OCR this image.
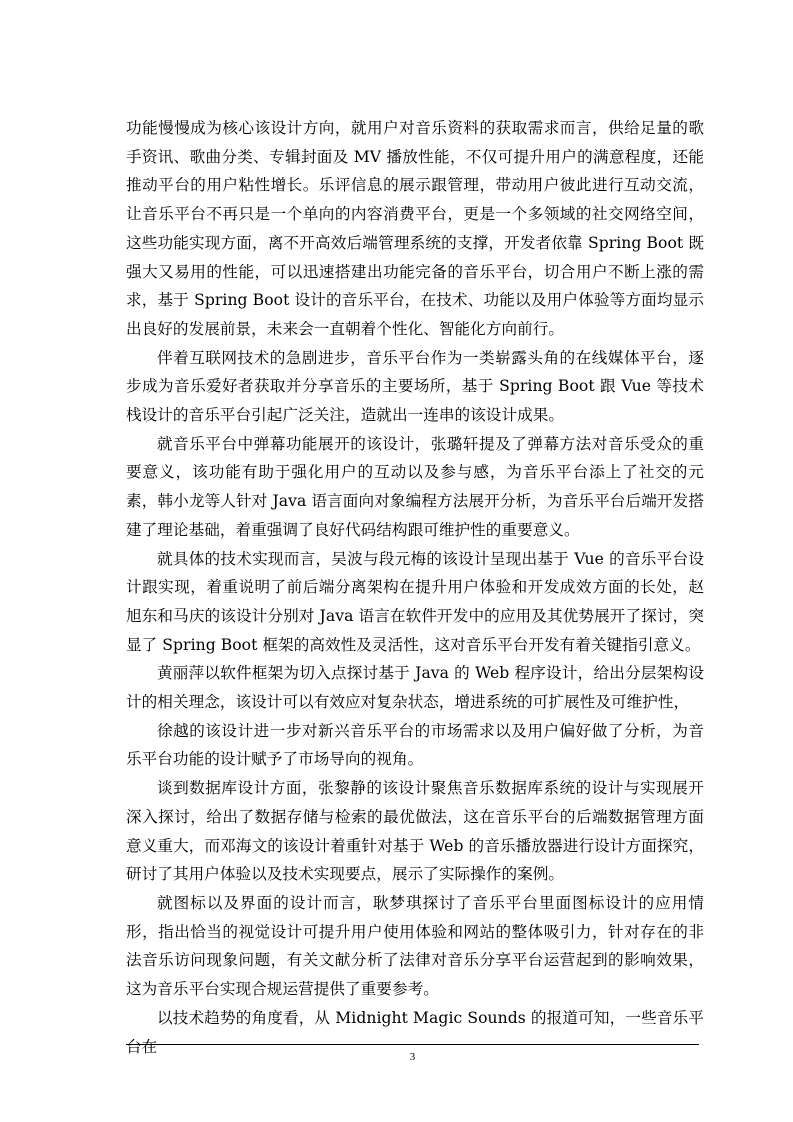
功能慢慢成为核心该设计方向，就用户对音乐资料的获取需求而言，供给足量的歌手资讯、歌曲分类、专辑封面及 MV 播放性能，不仅可提升用户的满意程度，还能推动平台的用户粘性增长。乐评信息的展示跟管理，带动用户彼此进行互动交流，让音乐平台不再只是一个单向的内容消费平台，更是一个多领域的社交网络空间，这些功能实现方面，离不开高效后端管理系统的支撑，开发者依靠 Spring Boot 既强大又易用的性能，可以迅速搭建出功能完备的音乐平台，切合用户不断上涨的需求，基于 Spring Boot 设计的音乐平台，在技术、功能以及用户体验等方面均显示出良好的发展前景，未来会一直朝着个性化、智能化方向前行。

伴着互联网技术的急剧进步，音乐平台作为一类崭露头角的在线媒体平台，逐步成为音乐爱好者获取并分享音乐的主要场所，基于 Spring Boot 跟 Vue 等技术栈设计的音乐平台引起广泛关注，造就出一连串的该设计成果。

就音乐平台中弹幕功能展开的该设计，张璐轩提及了弹幕方法对音乐受众的重要意义，该功能有助于强化用户的互动以及参与感，为音乐平台添上了社交的元素，韩小龙等人针对 Java 语言面向对象编程方法展开分析，为音乐平台后端开发搭建了理论基础，着重强调了良好代码结构跟可维护性的重要意义。

就具体的技术实现而言，吴波与段元梅的该设计呈现出基于 Vue 的音乐平台设计跟实现，着重说明了前后端分离架构在提升用户体验和开发成效方面的长处，赵旭东和马庆的该设计分别对 Java 语言在软件开发中的应用及其优势展开了探讨，突显了 Spring Boot 框架的高效性及灵活性，这对音乐平台开发有着关键指引意义。

黄丽萍以软件框架为切入点探讨基于 Java 的 Web 程序设计，给出分层架构设计的相关理念，该设计可以有效应对复杂状态，增进系统的可扩展性及可维护性，

徐越的该设计进一步对新兴音乐平台的市场需求以及用户偏好做了分析，为音乐平台功能的设计赋予了市场导向的视角。

谈到数据库设计方面，张黎静的该设计聚焦音乐数据库系统的设计与实现展开深入探讨，给出了数据存储与检索的最优做法，这在音乐平台的后端数据管理方面意义重大，而邓海文的该设计着重针对基于 Web 的音乐播放器进行设计方面探究，研讨了其用户体验以及技术实现要点，展示了实际操作的案例。

就图标以及界面的设计而言，耿梦琪探讨了音乐平台里面图标设计的应用情形，指出恰当的视觉设计可提升用户使用体验和网站的整体吸引力，针对存在的非法音乐访问现象问题，有关文献分析了法律对音乐分享平台运营起到的影响效果，这为音乐平台实现合规运营提供了重要参考。

以技术趋势的角度看，从 Midnight Magic Sounds 的报道可知，一些音乐平台在

3
